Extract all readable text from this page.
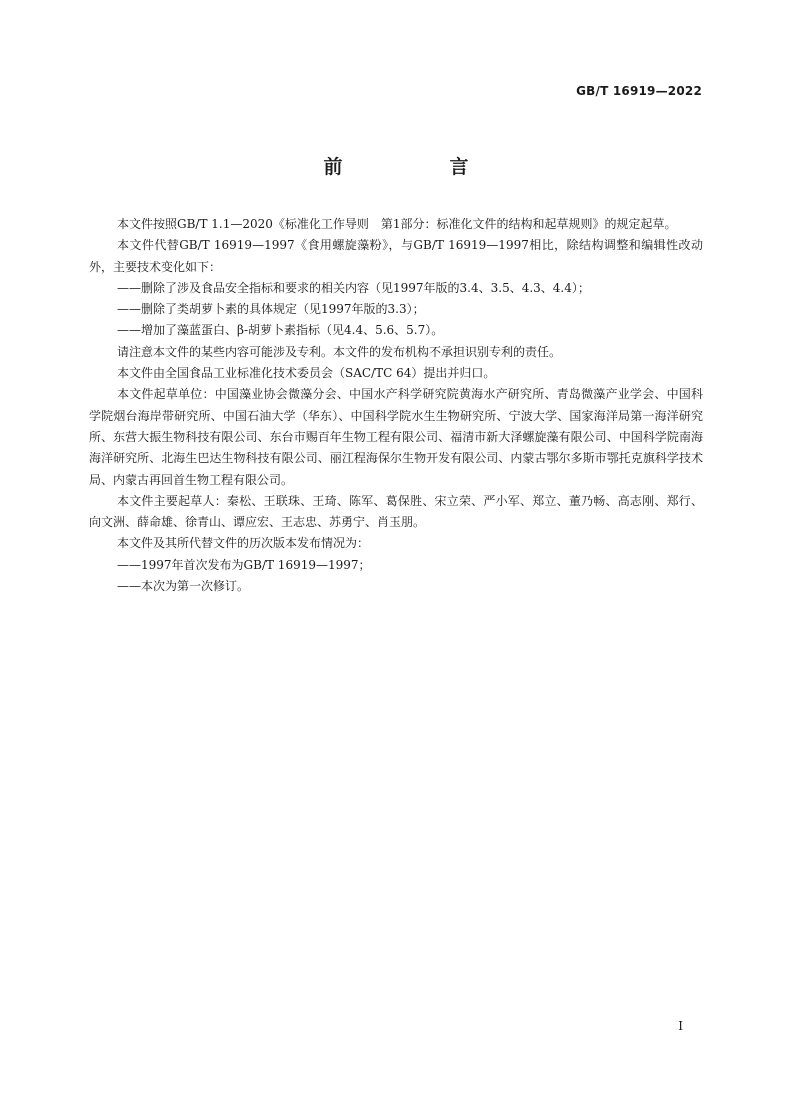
GB/T 16919—2022
前　言

本文件按照GB/T 1.1—2020《标准化工作导则　第1部分：标准化文件的结构和起草规则》的规定起草。

本文件代替GB/T 16919—1997《食用螺旋藻粉》，与GB/T 16919—1997相比，除结构调整和编辑性改动外，主要技术变化如下：

——删除了涉及食品安全指标和要求的相关内容（见1997年版的3.4、3.5、4.3、4.4）；

——删除了类胡萝卜素的具体规定（见1997年版的3.3）；

——增加了藻蓝蛋白、β-胡萝卜素指标（见4.4、5.6、5.7）。

请注意本文件的某些内容可能涉及专利。本文件的发布机构不承担识别专利的责任。

本文件由全国食品工业标准化技术委员会（SAC/TC 64）提出并归口。

本文件起草单位：中国藻业协会微藻分会、中国水产科学研究院黄海水产研究所、青岛微藻产业学会、中国科学院烟台海岸带研究所、中国石油大学（华东）、中国科学院水生生物研究所、宁波大学、国家海洋局第一海洋研究所、东营大振生物科技有限公司、东台市赐百年生物工程有限公司、福清市新大泽螺旋藻有限公司、中国科学院南海海洋研究所、北海生巴达生物科技有限公司、丽江程海保尔生物开发有限公司、内蒙古鄂尔多斯市鄂托克旗科学技术局、内蒙古再回首生物工程有限公司。

本文件主要起草人：秦松、王联珠、王琦、陈军、葛保胜、宋立荣、严小军、郑立、董乃畅、高志刚、郑行、向文洲、薛命雄、徐青山、谭应宏、王志忠、苏勇宁、肖玉朋。

本文件及其所代替文件的历次版本发布情况为：

——1997年首次发布为GB/T 16919—1997；

——本次为第一次修订。

I
